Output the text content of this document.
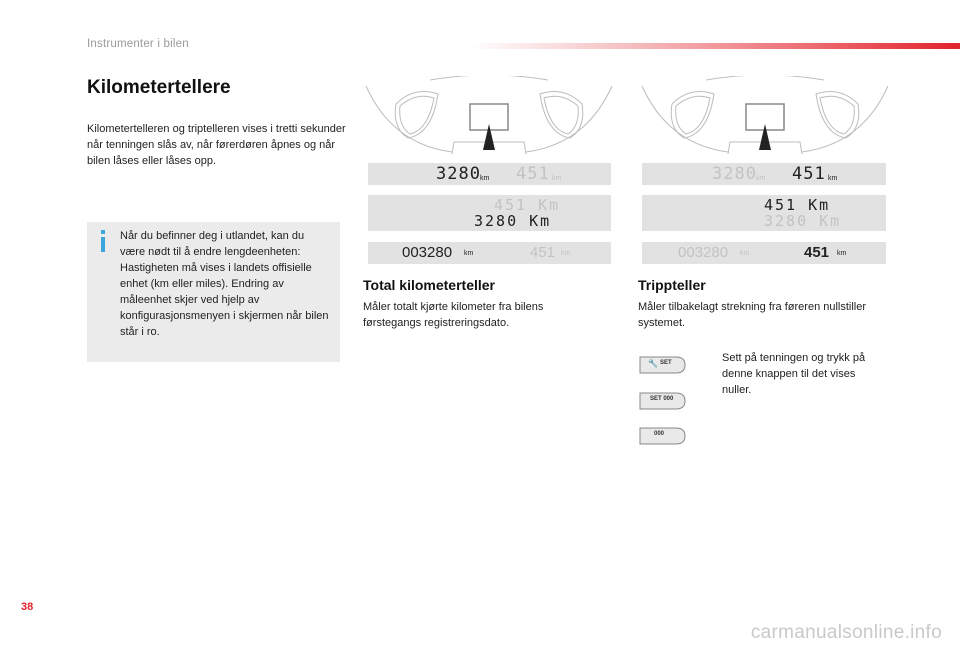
Instrumenter i bilen
Kilometertellere
Kilometertelleren og triptelleren vises i tretti sekunder når tenningen slås av, når førerdøren åpnes og når bilen låses eller låses opp.
Når du befinner deg i utlandet, kan du være nødt til å endre lengdeenheten: Hastigheten må vises i landets offisielle enhet (km eller miles). Endring av måleenhet skjer ved hjelp av konfigurasjonsmenyen i skjermen når bilen står i ro.
3280 km 451 km
451 Km
3280 Km
003280 km	451 km
Total kilometerteller
Måler totalt kjørte kilometer fra bilens førstegangs registreringsdato.
3280 km 451 km
451 Km
3280 Km
003280 km	451 km
Trippteller
Måler tilbakelagt strekning fra føreren nullstiller systemet.
🔧 SET
SET 000
000
Sett på tenningen og trykk på denne knappen til det vises nuller.
38
carmanualsonline.info
